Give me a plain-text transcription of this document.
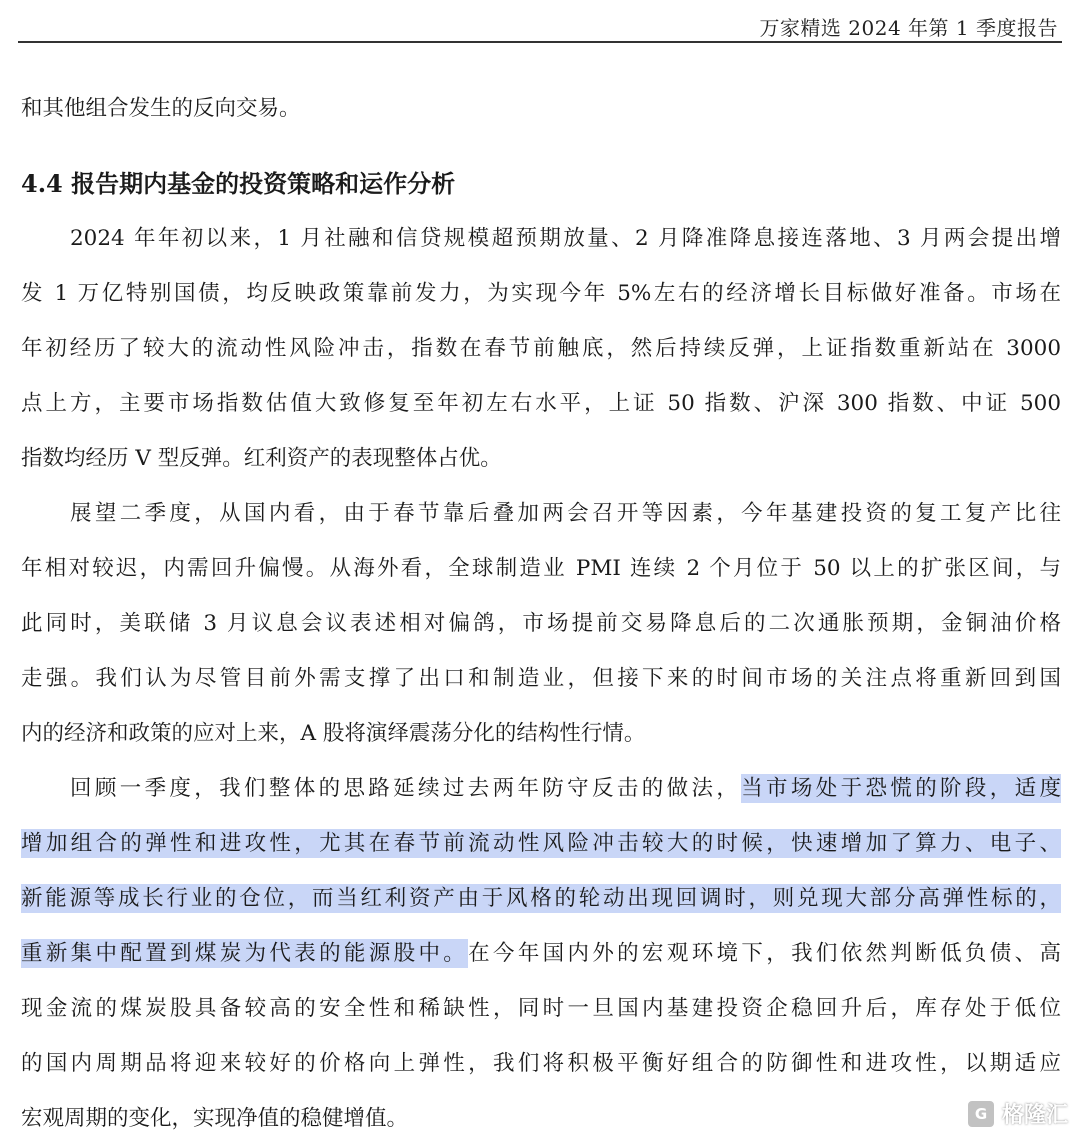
万家精选 2024 年第 1 季度报告
和其他组合发生的反向交易。
4.4 报告期内基金的投资策略和运作分析
2024 年年初以来，1 月社融和信贷规模超预期放量、2 月降准降息接连落地、3 月两会提出增
发 1 万亿特别国债，均反映政策靠前发力，为实现今年 5%左右的经济增长目标做好准备。市场在
年初经历了较大的流动性风险冲击，指数在春节前触底，然后持续反弹，上证指数重新站在 3000
点上方，主要市场指数估值大致修复至年初左右水平，上证 50 指数、沪深 300 指数、中证 500
指数均经历 V 型反弹。红利资产的表现整体占优。
展望二季度，从国内看，由于春节靠后叠加两会召开等因素，今年基建投资的复工复产比往
年相对较迟，内需回升偏慢。从海外看，全球制造业 PMI 连续 2 个月位于 50 以上的扩张区间，与
此同时，美联储 3 月议息会议表述相对偏鸽，市场提前交易降息后的二次通胀预期，金铜油价格
走强。我们认为尽管目前外需支撑了出口和制造业，但接下来的时间市场的关注点将重新回到国
内的经济和政策的应对上来，A 股将演绎震荡分化的结构性行情。
回顾一季度，我们整体的思路延续过去两年防守反击的做法，当市场处于恐慌的阶段，适度
增加组合的弹性和进攻性，尤其在春节前流动性风险冲击较大的时候，快速增加了算力、电子、
新能源等成长行业的仓位，而当红利资产由于风格的轮动出现回调时，则兑现大部分高弹性标的，
重新集中配置到煤炭为代表的能源股中。在今年国内外的宏观环境下，我们依然判断低负债、高
现金流的煤炭股具备较高的安全性和稀缺性，同时一旦国内基建投资企稳回升后，库存处于低位
的国内周期品将迎来较好的价格向上弹性，我们将积极平衡好组合的防御性和进攻性，以期适应
宏观周期的变化，实现净值的稳健增值。	G 格隆汇
